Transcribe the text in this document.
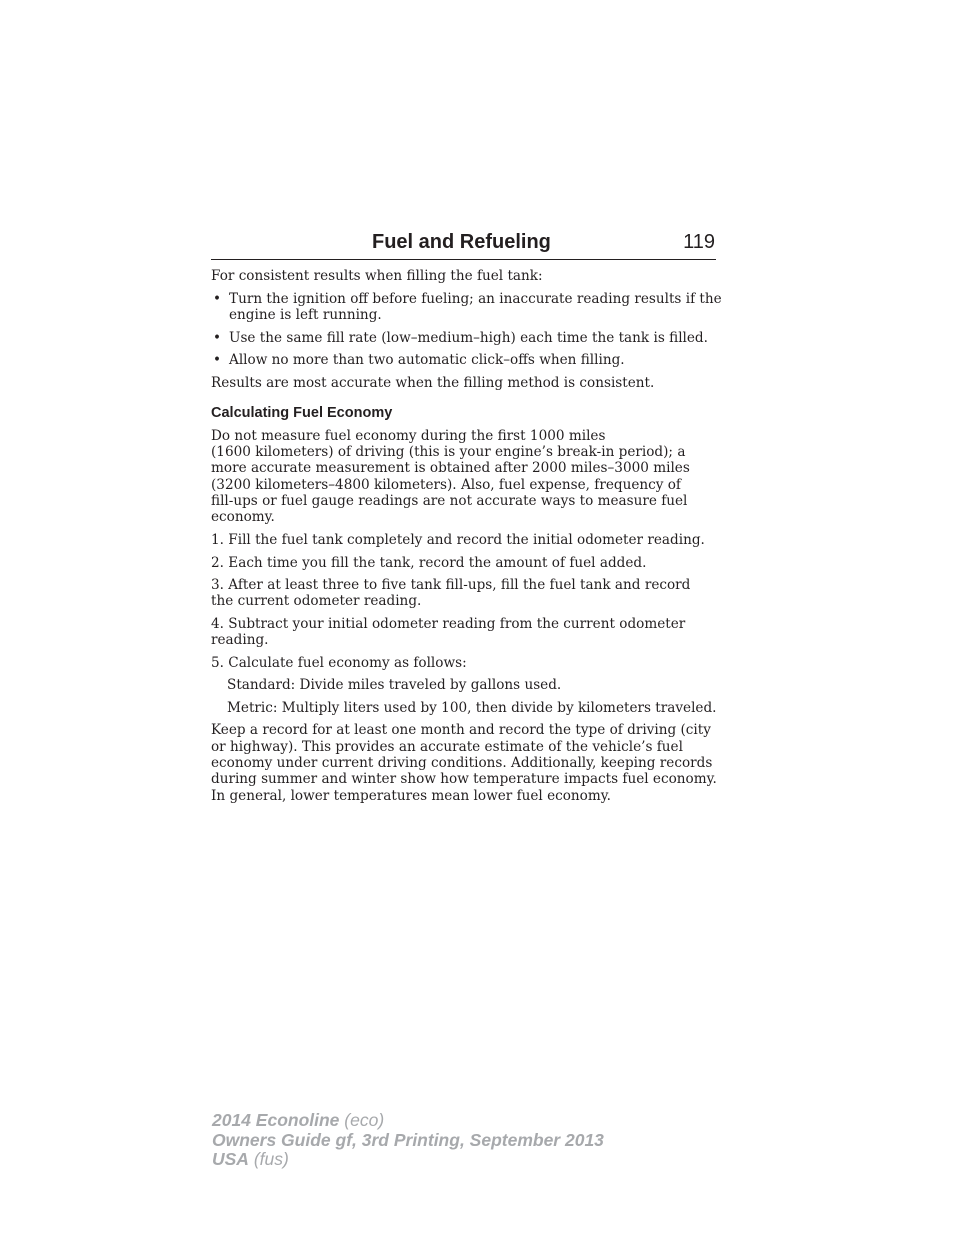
Fuel and Refueling	119

For consistent results when filling the fuel tank:

• Turn the ignition off before fueling; an inaccurate reading results if the
engine is left running.
• Use the same fill rate (low–medium–high) each time the tank is filled.
• Allow no more than two automatic click–offs when filling.

Results are most accurate when the filling method is consistent.

Calculating Fuel Economy
Do not measure fuel economy during the first 1000 miles
(1600 kilometers) of driving (this is your engine’s break-in period); a
more accurate measurement is obtained after 2000 miles–3000 miles
(3200 kilometers–4800 kilometers). Also, fuel expense, frequency of
fill-ups or fuel gauge readings are not accurate ways to measure fuel
economy.
1. Fill the fuel tank completely and record the initial odometer reading.
2. Each time you fill the tank, record the amount of fuel added.
3. After at least three to five tank fill-ups, fill the fuel tank and record
the current odometer reading.
4. Subtract your initial odometer reading from the current odometer
reading.
5. Calculate fuel economy as follows:
Standard: Divide miles traveled by gallons used.
Metric: Multiply liters used by 100, then divide by kilometers traveled.
Keep a record for at least one month and record the type of driving (city
or highway). This provides an accurate estimate of the vehicle’s fuel
economy under current driving conditions. Additionally, keeping records
during summer and winter show how temperature impacts fuel economy.
In general, lower temperatures mean lower fuel economy.
2014 Econoline (eco)
Owners Guide gf, 3rd Printing, September 2013
USA (fus)
